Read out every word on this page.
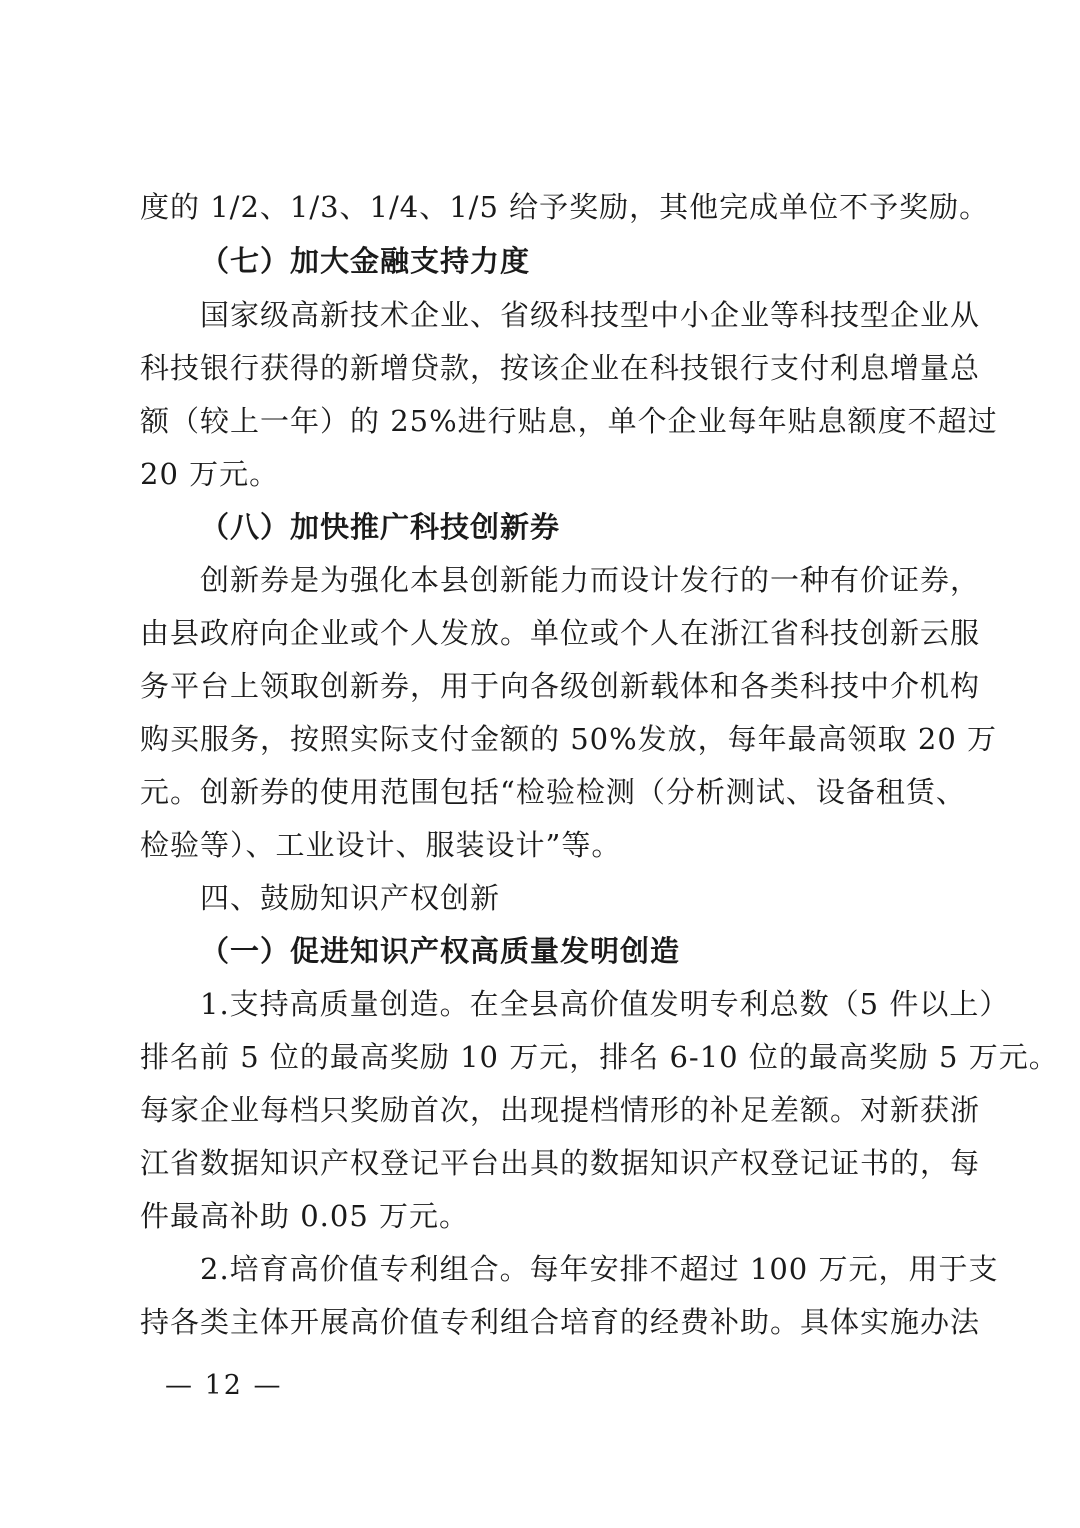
度的 1/2、1/3、1/4、1/5 给予奖励，其他完成单位不予奖励。
（七）加大金融支持力度
国家级高新技术企业、省级科技型中小企业等科技型企业从
科技银行获得的新增贷款，按该企业在科技银行支付利息增量总
额（较上一年）的 25%进行贴息，单个企业每年贴息额度不超过
20 万元。
（八）加快推广科技创新券
创新券是为强化本县创新能力而设计发行的一种有价证券，
由县政府向企业或个人发放。单位或个人在浙江省科技创新云服
务平台上领取创新券，用于向各级创新载体和各类科技中介机构
购买服务，按照实际支付金额的 50%发放，每年最高领取 20 万
元。创新券的使用范围包括“检验检测（分析测试、设备租赁、
检验等）、工业设计、服装设计”等。
四、鼓励知识产权创新
（一）促进知识产权高质量发明创造
1.支持高质量创造。在全县高价值发明专利总数（5 件以上）
排名前 5 位的最高奖励 10 万元，排名 6-10 位的最高奖励 5 万元。
每家企业每档只奖励首次，出现提档情形的补足差额。对新获浙
江省数据知识产权登记平台出具的数据知识产权登记证书的，每
件最高补助 0.05 万元。
2.培育高价值专利组合。每年安排不超过 100 万元，用于支
持各类主体开展高价值专利组合培育的经费补助。具体实施办法
— 12 —
